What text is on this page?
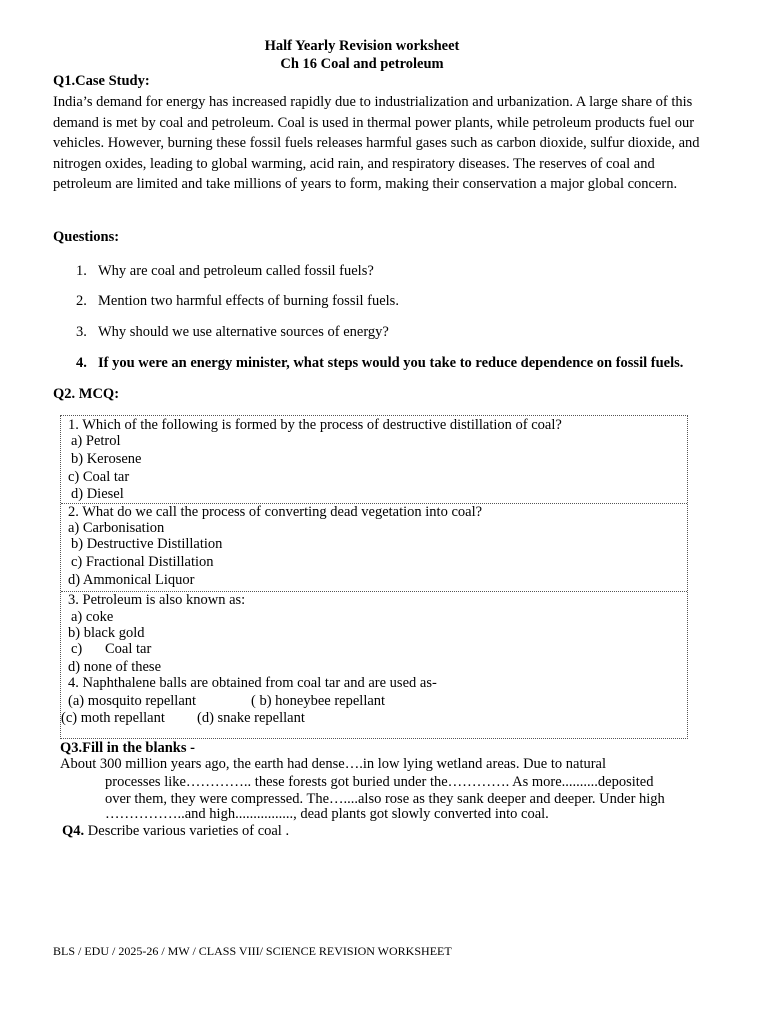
Half Yearly Revision worksheet
Ch 16 Coal and petroleum
Q1.Case Study:

India’s demand for energy has increased rapidly due to industrialization and urbanization. A large share of this demand is met by coal and petroleum. Coal is used in thermal power plants, while petroleum products fuel our vehicles. However, burning these fossil fuels releases harmful gases such as carbon dioxide, sulfur dioxide, and nitrogen oxides, leading to global warming, acid rain, and respiratory diseases. The reserves of coal and petroleum are limited and take millions of years to form, making their conservation a major global concern.

Questions:
1. Why are coal and petroleum called fossil fuels?
2. Mention two harmful effects of burning fossil fuels.
3. Why should we use alternative sources of energy?
4. If you were an energy minister, what steps would you take to reduce dependence on fossil fuels.
Q2. MCQ:
1. Which of the following is formed by the process of destructive distillation of coal?
a) Petrol
b) Kerosene
c) Coal tar
d) Diesel
2. What do we call the process of converting dead vegetation into coal?
a) Carbonisation
b) Destructive Distillation
c) Fractional Distillation
d) Ammonical Liquor
3. Petroleum is also known as:
a) coke
b) black gold
c) Coal tar
d) none of these
4. Naphthalene balls are obtained from coal tar and are used as-
(a) mosquito repellant	( b) honeybee repellant
(c) moth repellant (d) snake repellant
Q3.Fill in the blanks -
About 300 million years ago, the earth had dense….in low lying wetland areas. Due to natural
processes like………….. these forests got buried under the…………. As more..........deposited
over them, they were compressed. The…....also rose as they sank deeper and deeper. Under high
……………..and high................, dead plants got slowly converted into coal.
Q4. Describe various varieties of coal .
BLS / EDU / 2025-26 / MW / CLASS VIII/ SCIENCE REVISION WORKSHEET
